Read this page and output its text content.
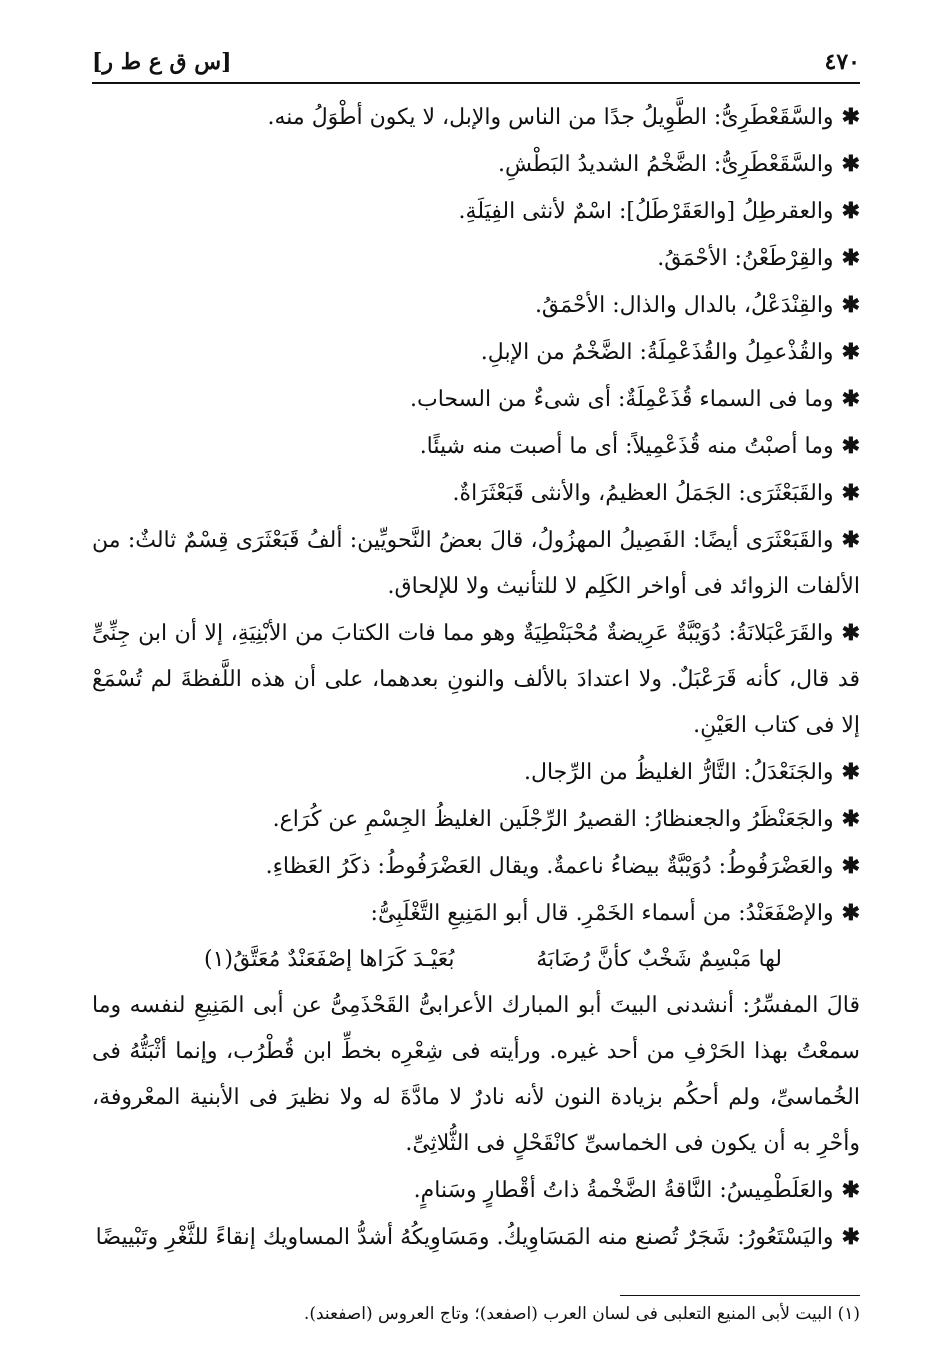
٤٧٠
[س ق ع ط ر]

✱والسَّقَعْطَرِىُّ: الطَّوِيلُ جدًا من الناس والإبل، لا يكون أطْوَلُ منه.

✱والسَّقَعْطَرِىُّ: الضَّخْمُ الشديدُ البَطْشِ.

✱والعقرطِلُ [والعَقَرْطَلُ]: اسْمٌ لأنثى الفِيَلَةِ.

✱والقِرْطَعْنُ: الأحْمَقُ.

✱والقِنْدَعْلُ، بالدال والذال: الأحْمَقُ.

✱والقُذْعمِلُ والقُذَعْمِلَةُ: الضَّخْمُ من الإبلِ.

✱وما فى السماء قُذَعْمِلَةٌ: أى شىءٌ من السحاب.

✱وما أصبْتُ منه قُذَعْمِيلاً: أى ما أصبت منه شيئًا.

✱والقَبَعْثَرَى: الجَمَلُ العظيمُ، والأنثى قَبَعْثَرَاةٌ.

✱والقَبَعْثَرَى أيضًا: الفَصِيلُ المهزُولُ، قالَ بعضُ النَّحويِّين: ألفُ قَبَعْثَرَى قِسْمٌ ثالثٌ: من الألفات الزوائد فى أواخر الكَلِم لا للتأنيث ولا للإلحاق.

✱والقَرَعْبَلانَةُ: دُوَيْبَّةٌ عَرِيضةٌ مُحْبَنْطِيَةٌ وهو مما فات الكتابَ من الأبْنِيَةِ، إلا أن ابن جِنِّىٍّ قد قال، كأنه قَرَعْبَلٌ. ولا اعتدادَ بالألف والنونِ بعدهما، على أن هذه اللَّفظةَ لم تُسْمَعْ إلا فى كتاب العَيْنِ.

✱والجَنَعْدَلُ: التَّارُّ الغليظُ من الرِّجال.

✱والجَعَنْظَرُ والجعنظارُ: القصيرُ الرِّجْلَين الغليظُ الجِسْمِ عن كُرَاع.

✱والعَضْرَفُوطُ: دُوَيْبَّةٌ بيضاءُ ناعمةٌ. ويقال العَضْرَفُوطُ: ذكَرُ العَظاءِ.

✱والإصْفَعَنْدُ: من أسماء الخَمْرِ. قال أبو المَنِيعِ التَّغْلَبِىُّ:

لها مَبْسِمٌ شَخْبٌ كأنَّ رُضَابَهُ
بُعَيْـدَ كَرَاها إصْفَعَنْدٌ مُعَتَّقُ(١)

قالَ المفسِّرُ: أنشدنى البيتَ أبو المبارك الأعرابىُّ القَحْذَمِىُّ عن أبى المَنِيعِ لنفسه وما سمعْتُ بهذا الحَرْفِ من أحد غيره. ورأيته فى شِعْرِه بخطِّ ابن قُطْرُب، وإنما أثْبَتُّهُ فى الخُماسىِّ، ولم أحكُم بزيادة النون لأنه نادرٌ لا مادَّةَ له ولا نظيرَ فى الأبنية المعْروفة، وأحْرِ به أن يكون فى الخماسىِّ كانْقَحْلٍ فى الثُّلاثِىِّ.

✱والعَلَطْمِيسُ: النَّاقةُ الضَّخْمةُ ذاتُ أقْطارٍ وسَنامٍ.

✱واليَسْتَعُورُ: شَجَرٌ تُصنع منه المَسَاوِيكُ. ومَسَاوِيكُهُ أشدُّ المساويك إنقاءً للثَّغْرِ وتَبْييضًا

(١) البيت لأبى المنيع التعلبى فى لسان العرب (اصفعد)؛ وتاج العروس (اصفعند).
